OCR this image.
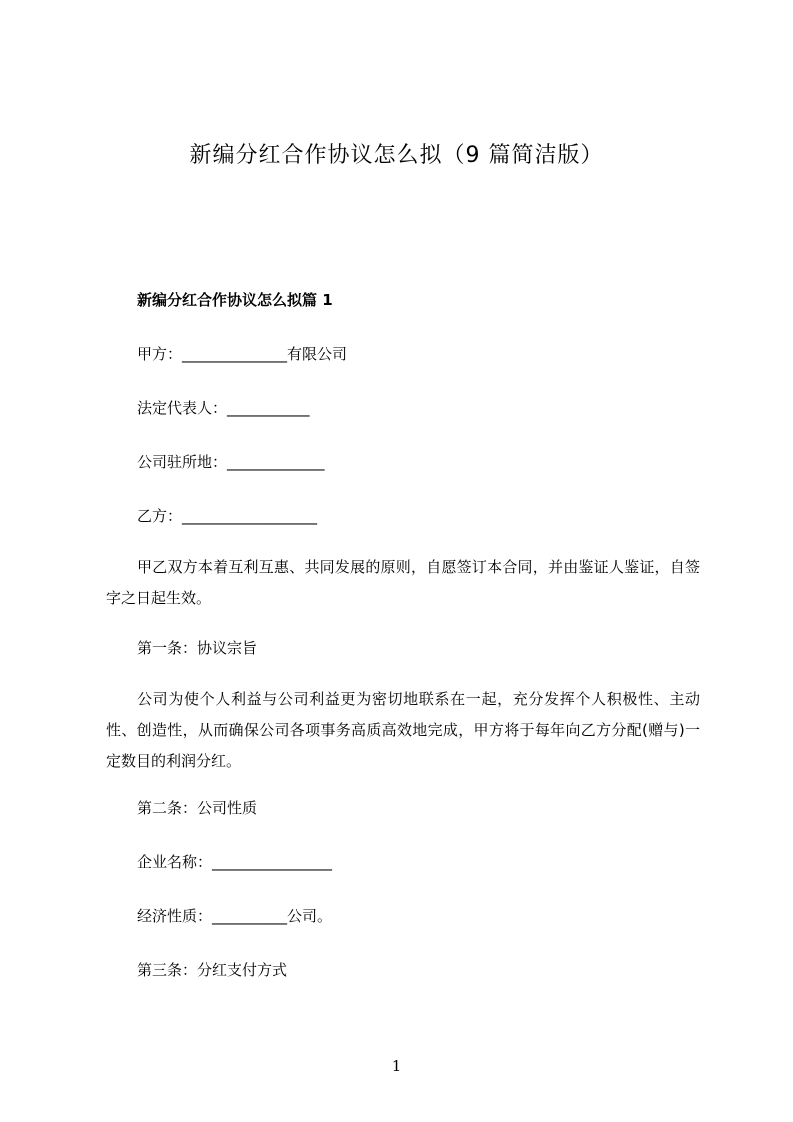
新编分红合作协议怎么拟（9 篇简洁版）
新编分红合作协议怎么拟篇 1
甲方：______________有限公司
法定代表人：___________
公司驻所地：_____________
乙方：__________________
甲乙双方本着互利互惠、共同发展的原则，自愿签订本合同，并由鉴证人鉴证，自签字之日起生效。
第一条：协议宗旨
公司为使个人利益与公司利益更为密切地联系在一起，充分发挥个人积极性、主动性、创造性，从而确保公司各项事务高质高效地完成，甲方将于每年向乙方分配(赠与)一定数目的利润分红。
第二条：公司性质
企业名称：________________
经济性质：__________公司。
第三条：分红支付方式
1
